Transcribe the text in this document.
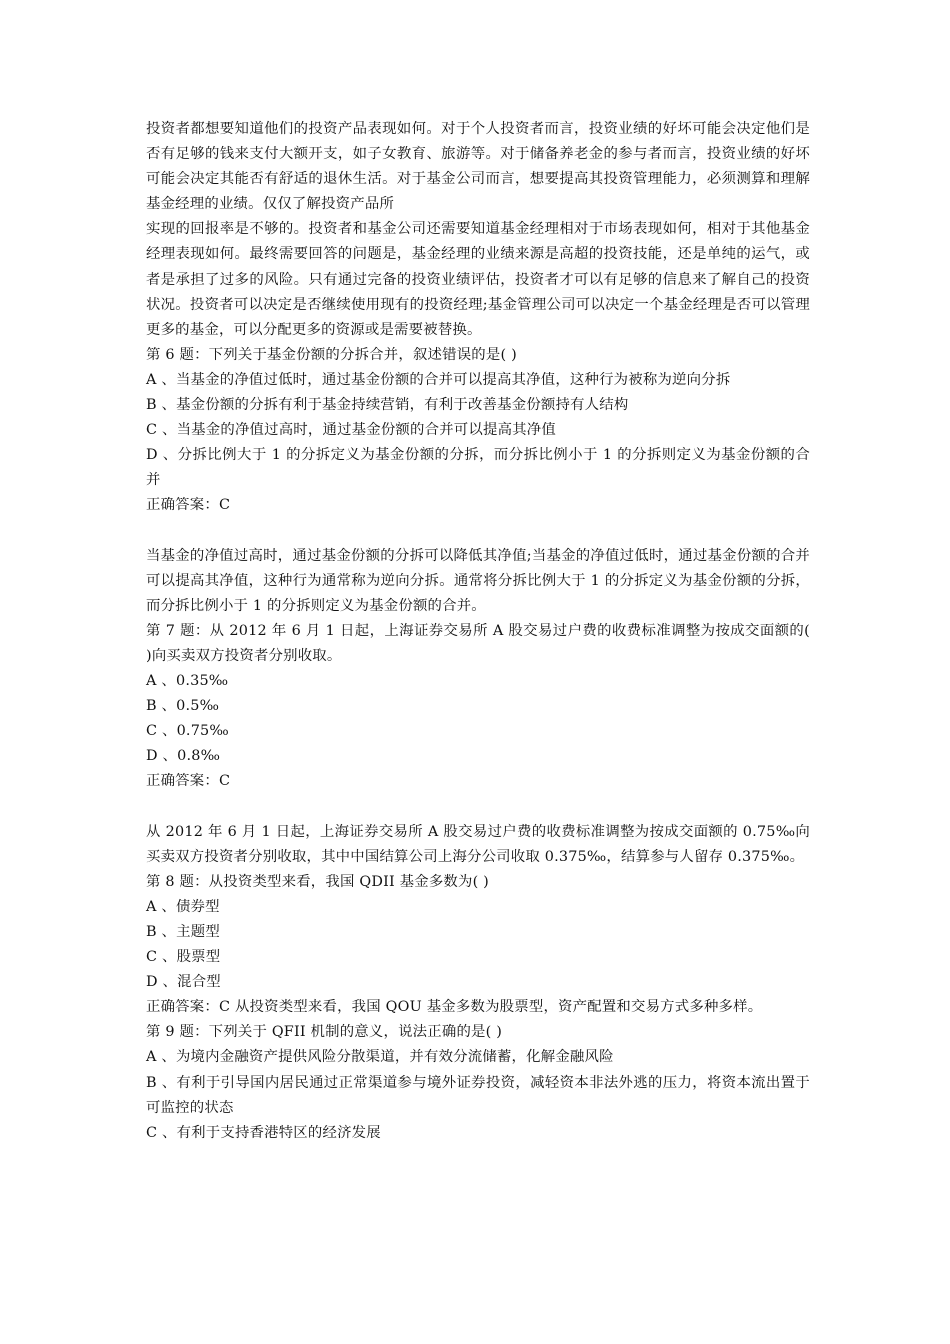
投资者都想要知道他们的投资产品表现如何。对于个人投资者而言，投资业绩的好坏可能会决定他们是否有足够的钱来支付大额开支，如子女教育、旅游等。对于储备养老金的参与者而言，投资业绩的好坏可能会决定其能否有舒适的退休生活。对于基金公司而言，想要提高其投资管理能力，必须测算和理解基金经理的业绩。仅仅了解投资产品所

实现的回报率是不够的。投资者和基金公司还需要知道基金经理相对于市场表现如何，相对于其他基金经理表现如何。最终需要回答的问题是，基金经理的业绩来源是高超的投资技能，还是单纯的运气，或者是承担了过多的风险。只有通过完备的投资业绩评估，投资者才可以有足够的信息来了解自己的投资状况。投资者可以决定是否继续使用现有的投资经理;基金管理公司可以决定一个基金经理是否可以管理更多的基金，可以分配更多的资源或是需要被替换。

第 6 题：下列关于基金份额的分拆合并，叙述错误的是( )

A 、当基金的净值过低时，通过基金份额的合并可以提高其净值，这种行为被称为逆向分拆

B 、基金份额的分拆有利于基金持续营销，有利于改善基金份额持有人结构

C 、当基金的净值过高时，通过基金份额的合并可以提高其净值

D 、分拆比例大于 1 的分拆定义为基金份额的分拆，而分拆比例小于 1 的分拆则定义为基金份额的合并

正确答案：C

当基金的净值过高时，通过基金份额的分拆可以降低其净值;当基金的净值过低时，通过基金份额的合并可以提高其净值，这种行为通常称为逆向分拆。通常将分拆比例大于 1 的分拆定义为基金份额的分拆，而分拆比例小于 1 的分拆则定义为基金份额的合并。

第 7 题：从 2012 年 6 月 1 日起，上海证券交易所 A 股交易过户费的收费标准调整为按成交面额的( )向买卖双方投资者分别收取。

A 、0.35‰

B 、0.5‰

C 、0.75‰

D 、0.8‰

正确答案：C

从 2012 年 6 月 1 日起，上海证券交易所 A 股交易过户费的收费标准调整为按成交面额的 0.75‰向买卖双方投资者分别收取，其中中国结算公司上海分公司收取 0.375‰，结算参与人留存 0.375‰。

第 8 题：从投资类型来看，我国 QDII 基金多数为( )

A 、债券型

B 、主题型

C 、股票型

D 、混合型

正确答案：C 从投资类型来看，我国 QOU 基金多数为股票型，资产配置和交易方式多种多样。

第 9 题：下列关于 QFII 机制的意义，说法正确的是( )

A 、为境内金融资产提供风险分散渠道，并有效分流储蓄，化解金融风险

B 、有利于引导国内居民通过正常渠道参与境外证券投资，减轻资本非法外逃的压力，将资本流出置于可监控的状态

C 、有利于支持香港特区的经济发展
